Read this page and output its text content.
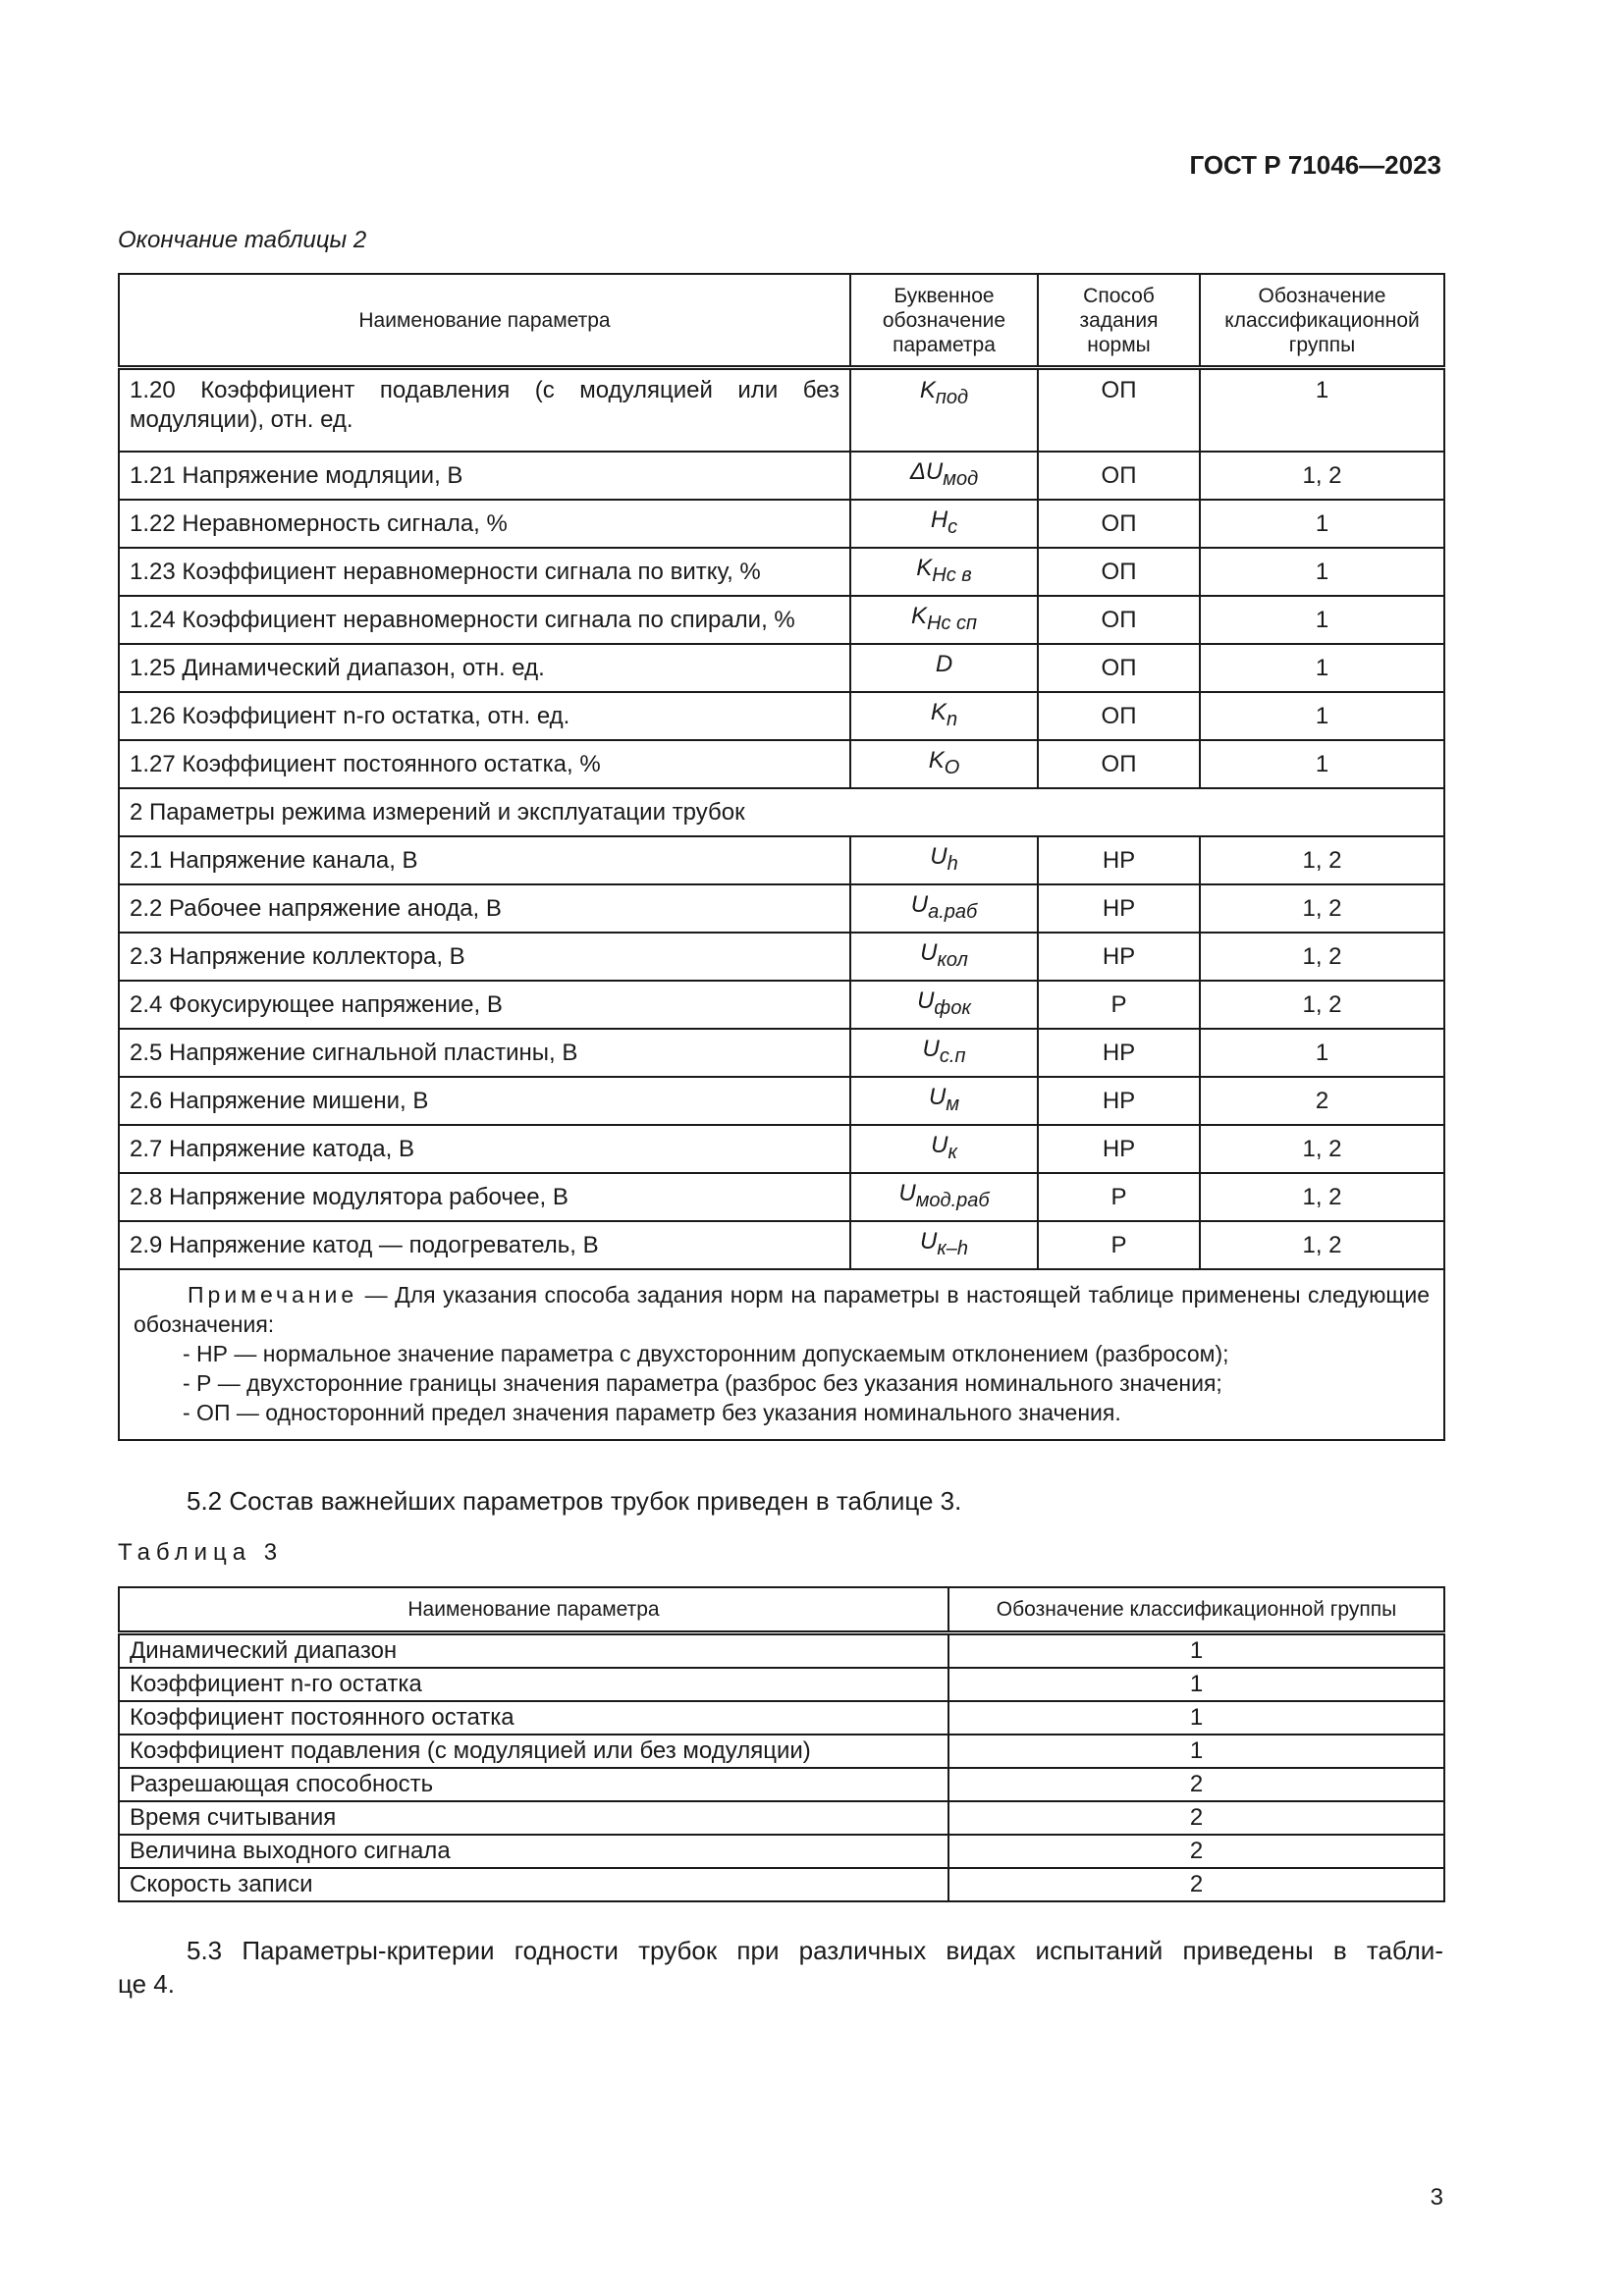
ГОСТ Р 71046—2023
Окончание таблицы 2
Наименование параметра	Буквенное обозначение параметра	Способ задания нормы	Обозначение классификационной группы
1.20 Коэффициент подавления (с модуляцией или без модуляции), отн. ед.	$K_{под}$	ОП	1
1.21 Напряжение модляции, В	$\Delta U_{мод}$	ОП	1, 2
1.22 Неравномерность сигнала, %	$H_с$	ОП	1
1.23 Коэффициент неравномерности сигнала по витку, %	$K_{Hс в}$	ОП	1
1.24 Коэффициент неравномерности сигнала по спирали, %	$K_{Hс сп}$	ОП	1
1.25 Динамический диапазон, отн. ед.	D	ОП	1
1.26 Коэффициент n-го остатка, отн. ед.	$K_n$	ОП	1
1.27 Коэффициент постоянного остатка, %	$K_O$	ОП	1
2 Параметры режима измерений и эксплуатации трубок			
2.1 Напряжение канала, В	$U_h$	НР	1, 2
2.2 Рабочее напряжение анода, В	$U_{а.раб}$	НР	1, 2
2.3 Напряжение коллектора, В	$U_{кол}$	НР	1, 2
2.4 Фокусирующее напряжение, В	$U_{фок}$	Р	1, 2
2.5 Напряжение сигнальной пластины, В	$U_{с.п}$	НР	1
2.6 Напряжение мишени, В	$U_м$	НР	2
2.7 Напряжение катода, В	$U_к$	НР	1, 2
2.8 Напряжение модулятора рабочее, В	$U_{мод.раб}$	Р	1, 2
2.9 Напряжение катод — подогреватель, В	$U_{к-h}$	Р	1, 2

Примечание — Для указания способа задания норм на параметры в настоящей таблице применены следующие обозначения:
- НР — нормальное значение параметра с двухсторонним допускаемым отклонением (разбросом);
- Р — двухсторонние границы значения параметра (разброс без указания номинального значения;
- ОП — односторонний предел значения параметр без указания номинального значения.			
5.2 Состав важнейших параметров трубок приведен в таблице 3.
Таблица 3
Наименование параметра	Обозначение классификационной группы
Динамический диапазон	1
Коэффициент n-го остатка	1
Коэффициент постоянного остатка	1
Коэффициент подавления (с модуляцией или без модуляции)	1
Разрешающая способность	2
Время считывания	2
Величина выходного сигнала	2
Скорость записи	2
5.3 Параметры-критерии годности трубок при различных видах испытаний приведены в табли-
це 4.
3
